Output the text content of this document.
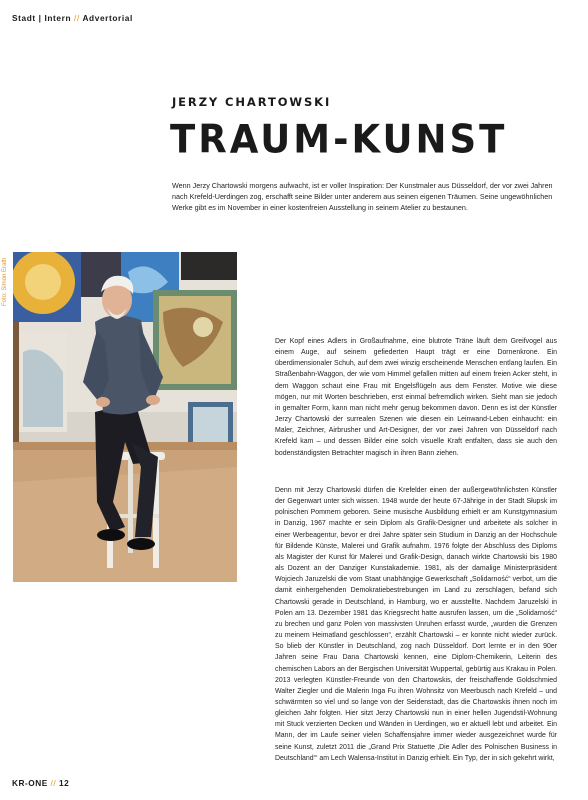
Stadt | Intern // Advertorial
JERZY CHARTOWSKI
TRAUM-KUNST
Wenn Jerzy Chartowski morgens aufwacht, ist er voller Inspiration: Der Kunstmaler aus Düsseldorf, der vor zwei Jahren nach Krefeld-Uerdingen zog, erschafft seine Bilder unter anderem aus seinen eigenen Träumen. Seine ungewöhnlichen Werke gibt es im November in einer kostenfreien Ausstellung in seinem Atelier zu bestaunen.
Foto: Simon Erath
Der Kopf eines Adlers in Großaufnahme, eine blutrote Träne läuft dem Greifvogel aus einem Auge, auf seinem gefiederten Haupt trägt er eine Dornenkrone. Ein überdimensionaler Schuh, auf dem zwei winzig erscheinende Menschen entlang laufen. Ein Straßenbahn-Waggon, der wie vom Himmel gefallen mitten auf einem freien Acker steht, in dem Waggon schaut eine Frau mit Engelsflügeln aus dem Fenster. Motive wie diese mögen, nur mit Worten beschrieben, erst einmal befremdlich wirken. Sieht man sie jedoch in gemalter Form, kann man nicht mehr genug bekommen davon. Denn es ist der Künstler Jerzy Chartowski der surrealen Szenen wie diesen ein Leinwand-Leben einhaucht: ein Maler, Zeichner, Airbrusher und Art-Designer, der vor zwei Jahren von Düsseldorf nach Krefeld kam – und dessen Bilder eine solch visuelle Kraft entfalten, dass sie auch den bodenständigsten Betrachter magisch in ihren Bann ziehen.
Denn mit Jerzy Chartowski dürfen die Krefelder einen der außergewöhnlichsten Künstler der Gegenwart unter sich wissen. 1948 wurde der heute 67-Jährige in der Stadt Słupsk im polnischen Pommern geboren. Seine musische Ausbildung erhielt er am Kunstgymnasium in Danzig, 1967 machte er sein Diplom als Grafik-Designer und arbeitete als solcher in einer Werbeagentur, bevor er drei Jahre später sein Studium in Danzig an der Hochschule für Bildende Künste, Malerei und Grafik aufnahm. 1976 folgte der Abschluss des Diploms als Magister der Kunst für Malerei und Grafik-Design, danach wirkte Chartowski bis 1980 als Dozent an der Danziger Kunstakademie. 1981, als der damalige Ministerpräsident Wojciech Jaruzelski die vom Staat unabhängige Gewerkschaft „Solidarność“ verbot, um die damit einhergehenden Demokratiebestrebungen im Land zu zerschlagen, befand sich Chartowski gerade in Deutschland, in Hamburg, wo er ausstellte. Nachdem Jaruzelski in Polen am 13. Dezember 1981 das Kriegsrecht hatte ausrufen lassen, um die „Solidarność“ zu brechen und ganz Polen von massivsten Unruhen erfasst wurde, „wurden die Grenzen zu meinem Heimatland geschlossen“, erzählt Chartowski – er konnte nicht wieder zurück. So blieb der Künstler in Deutschland, zog nach Düsseldorf. Dort lernte er in den 90er Jahren seine Frau Dana Chartowski kennen, eine Diplom-Chemikerin, Leiterin des chemischen Labors an der Bergischen Universität Wuppertal, gebürtig aus Krakau in Polen. 2013 verlegten Künstler-Freunde von den Chartowskis, der freischaffende Goldschmied Walter Ziegler und die Malerin Inga Fu ihren Wohnsitz von Meerbusch nach Krefeld – und schwärmten so viel und so lange von der Seidenstadt, das die Chartowskis ihnen noch im gleichen Jahr folgten. Hier sitzt Jerzy Chartowski nun in einer hellen Jugendstil-Wohnung mit Stuck verzierten Decken und Wänden in Uerdingen, wo er aktuell lebt und arbeitet. Ein Mann, der im Laufe seiner vielen Schaffensjahre immer wieder ausgezeichnet wurde für seine Kunst, zuletzt 2011 die „Grand Prix Statuette ‚Die Adler des Polnischen Business in Deutschland‘“ am Lech Walensa-Institut in Danzig erhielt. Ein Typ, der in sich gekehrt wirkt,
KR-ONE // 12
